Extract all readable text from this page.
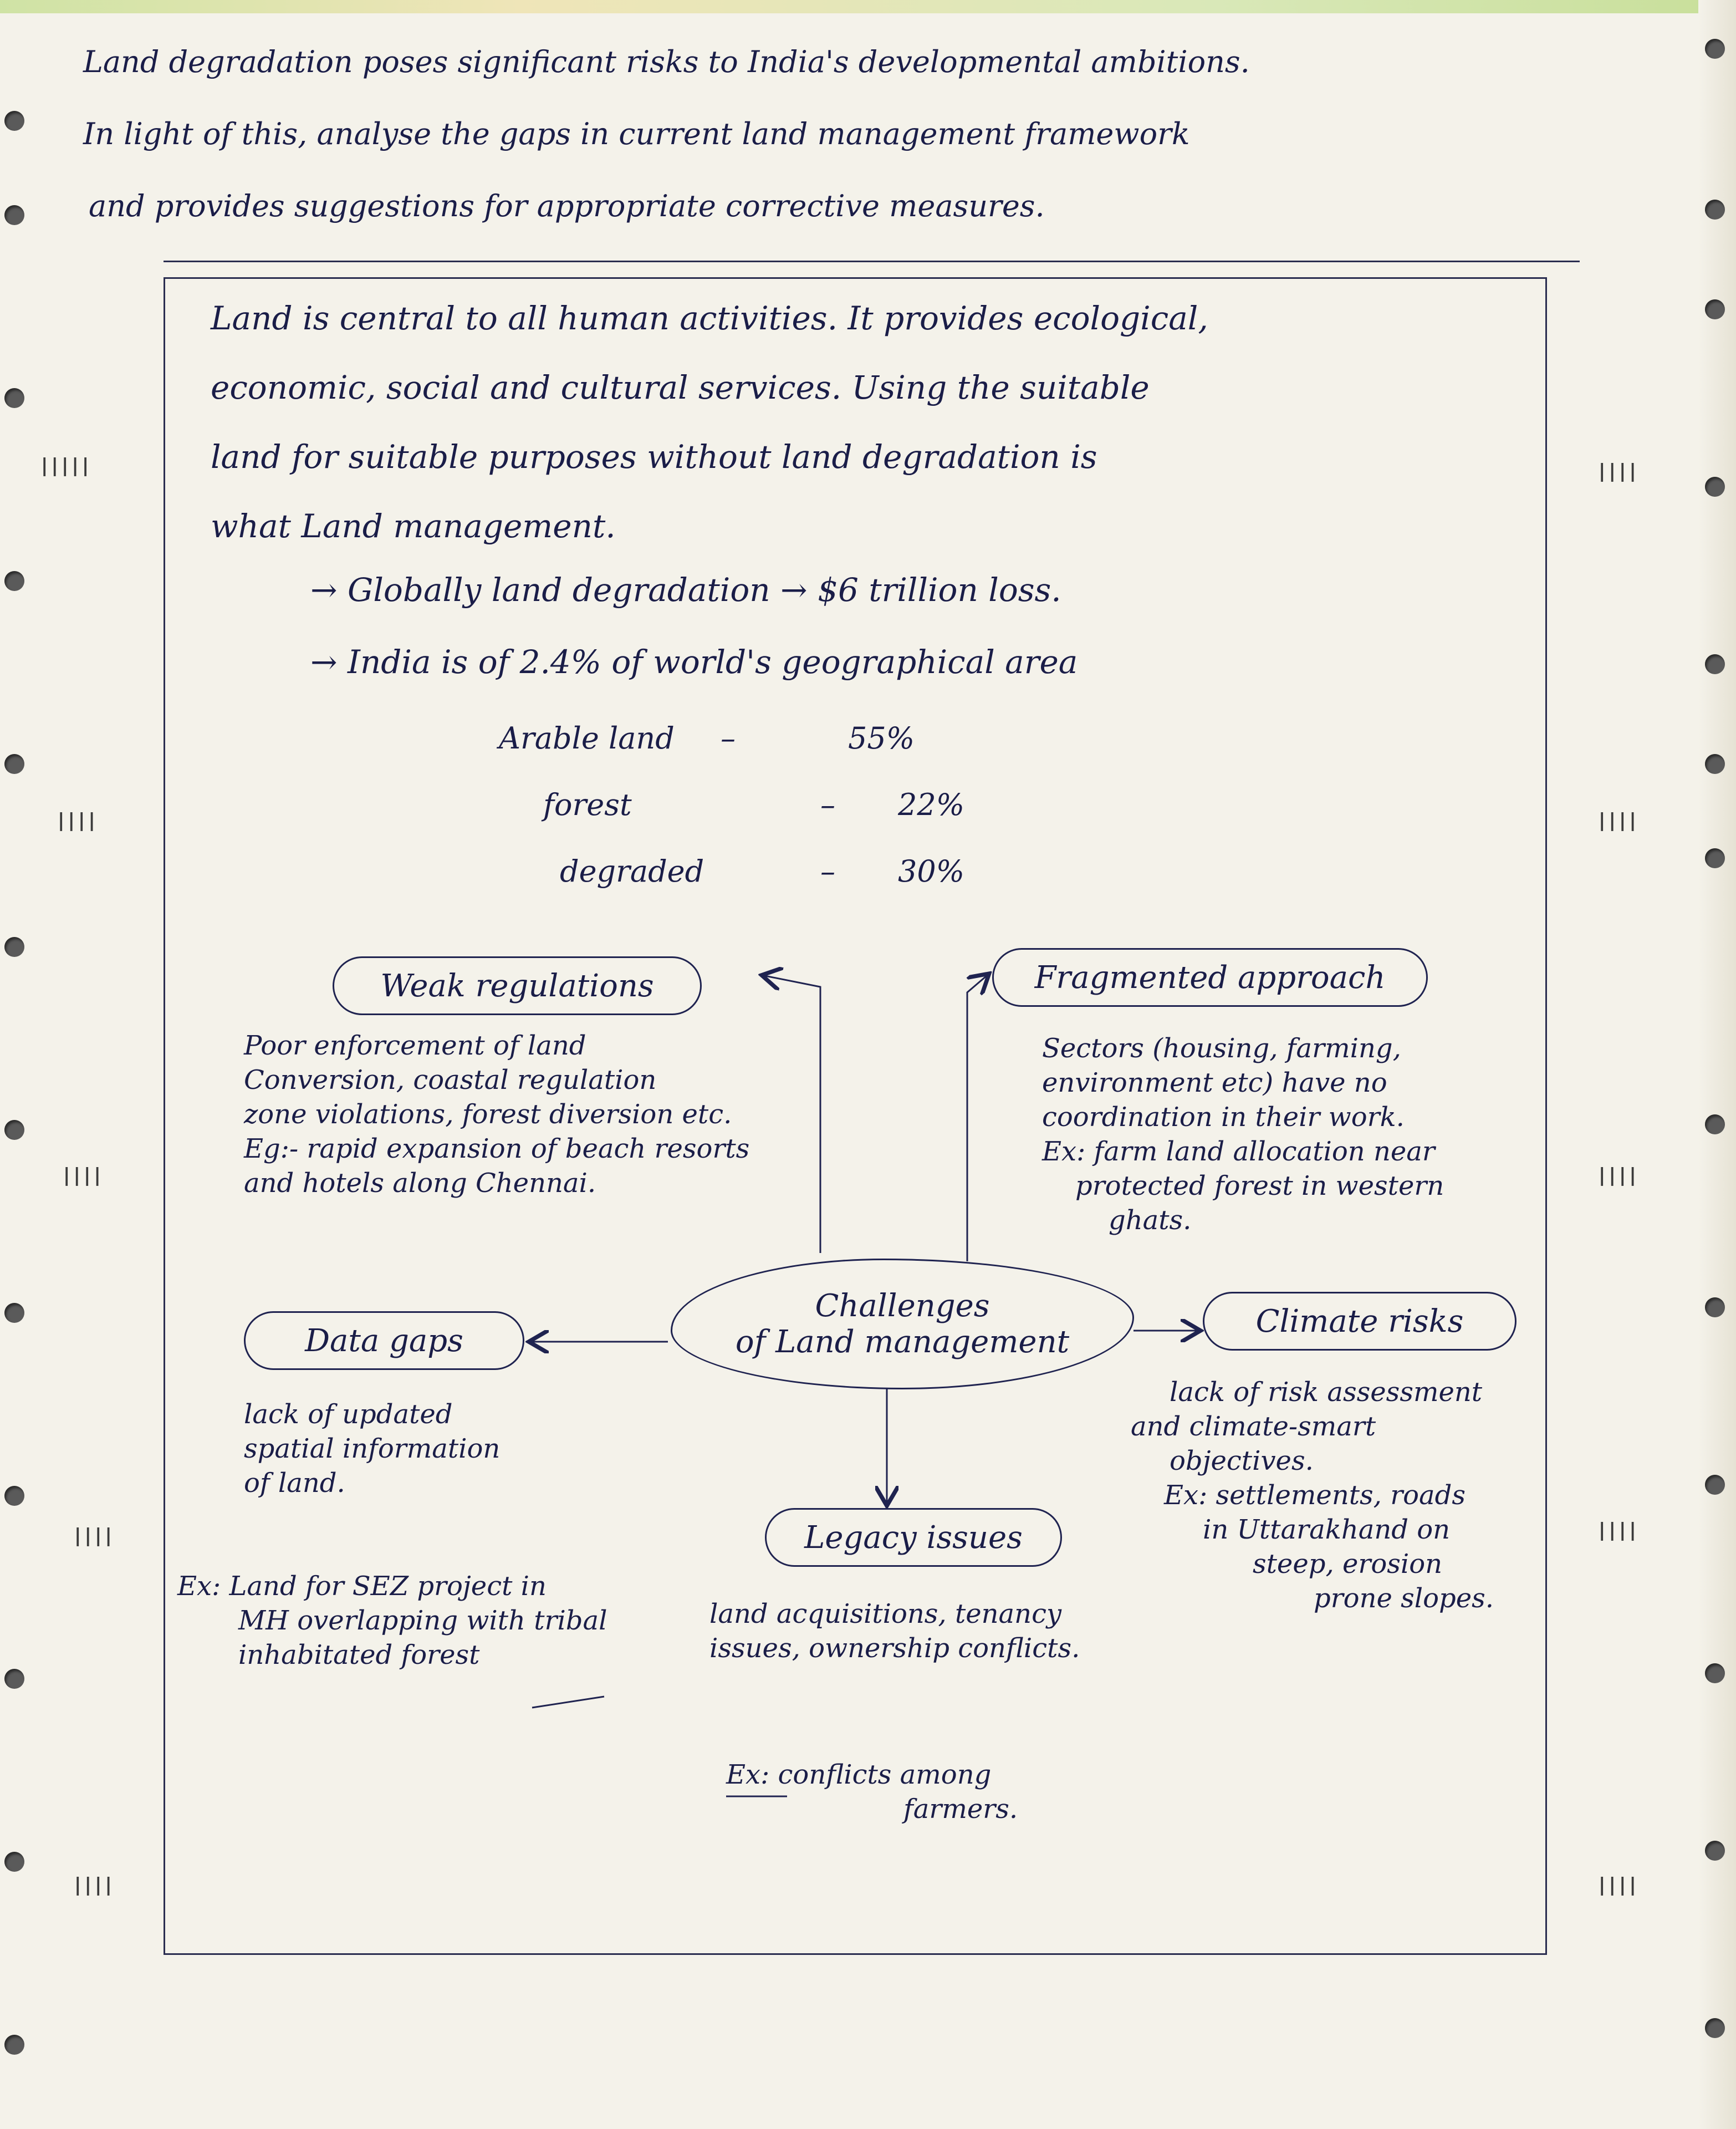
|||||
||||
||||
||||
||||
||||
||||
||||
||||
||||
Land degradation poses significant risks to India's developmental ambitions.
In light of this, analyse the gaps in current land management framework
and provides suggestions for appropriate corrective measures.
Land is central to all human activities. It provides ecological,
economic, social and cultural services. Using the suitable
land for suitable purposes without land degradation is
what Land management.
→ Globally land degradation → $6 trillion loss.
→ India is of 2.4% of world's geographical area
Arable land –	55%
forest	– 22%
degraded	– 30%
Weak regulations
Poor enforcement of land
Conversion, coastal regulation
zone violations, forest diversion etc.
Eg:- rapid expansion of beach resorts
and hotels along Chennai.
Fragmented approach
Sectors (housing, farming,
environment etc) have no
coordination in their work.
Ex: farm land allocation near
protected forest in western
ghats.
Challenges
of Land management
Data gaps
lack of updated
spatial information
of land.
Ex: Land for SEZ project in
MH overlapping with tribal
inhabitated forest
Climate risks
lack of risk assessment
and climate-smart
objectives.
Ex: settlements, roads
in Uttarakhand on
steep, erosion
prone slopes.
Legacy issues
land acquisitions, tenancy
issues, ownership conflicts.
Ex: conflicts among
farmers.
